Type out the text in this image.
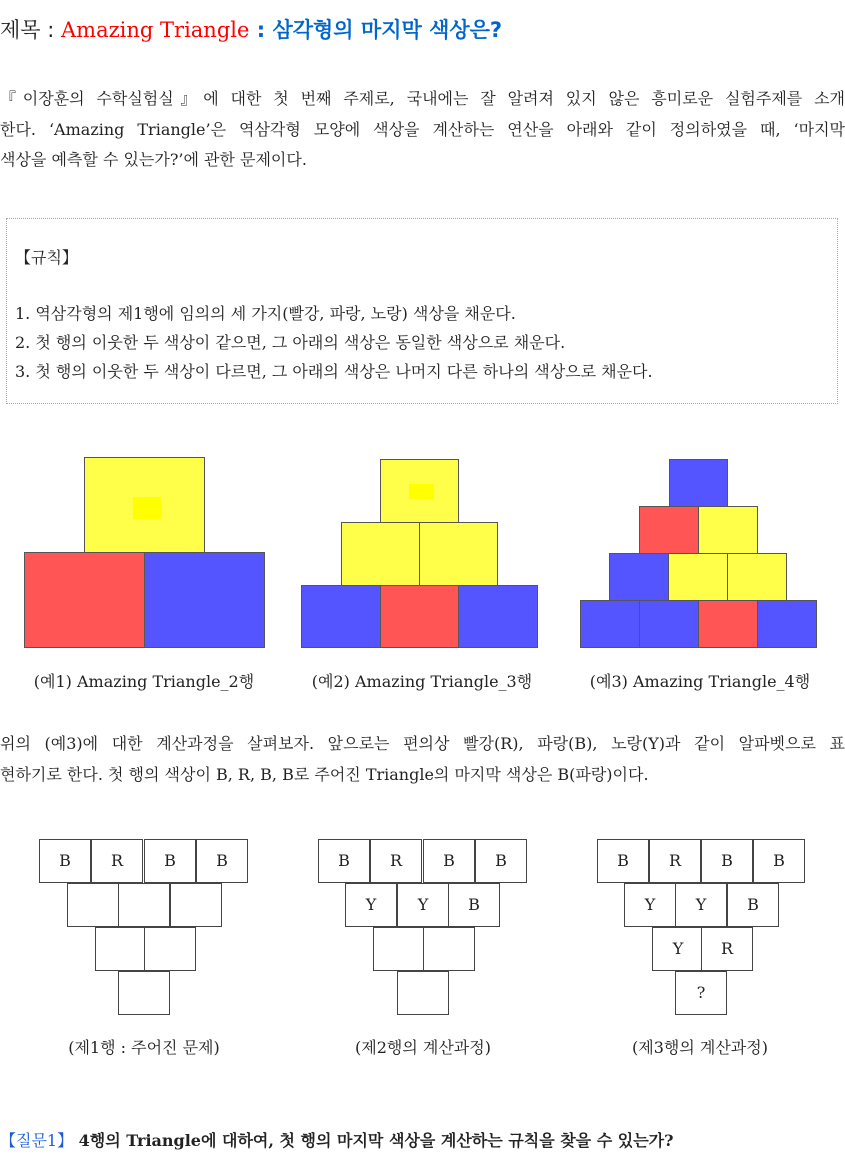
제목 : Amazing Triangle : 삼각형의 마지막 색상은?
『이장훈의 수학실험실』에 대한 첫 번째 주제로, 국내에는 잘 알려져 있지 않은 흥미로운 실험주제를 소개
한다. ‘Amazing Triangle’은 역삼각형 모양에 색상을 계산하는 연산을 아래와 같이 정의하였을 때, ‘마지막
색상을 예측할 수 있는가?’에 관한 문제이다.
【규칙】
1. 역삼각형의 제1행에 임의의 세 가지(빨강, 파랑, 노랑) 색상을 채운다.
2. 첫 행의 이웃한 두 색상이 같으면, 그 아래의 색상은 동일한 색상으로 채운다.
3. 첫 행의 이웃한 두 색상이 다르면, 그 아래의 색상은 나머지 다른 하나의 색상으로 채운다.
(예1) Amazing Triangle_2행	(예2) Amazing Triangle_3행	(예3) Amazing Triangle_4행
위의 (예3)에 대한 계산과정을 살펴보자. 앞으로는 편의상 빨강(R), 파랑(B), 노랑(Y)과 같이 알파벳으로 표
현하기로 한다. 첫 행의 색상이 B, R, B, B로 주어진 Triangle의 마지막 색상은 B(파랑)이다.
B	R	B	B
(제1행 : 주어진 문제)
B	R	B	B
Y	Y	B
(제2행의 계산과정)
B	R	B	B
Y	Y	B
Y	R
?
(제3행의 계산과정)
【질문1】 4행의 Triangle에 대하여, 첫 행의 마지막 색상을 계산하는 규칙을 찾을 수 있는가?
